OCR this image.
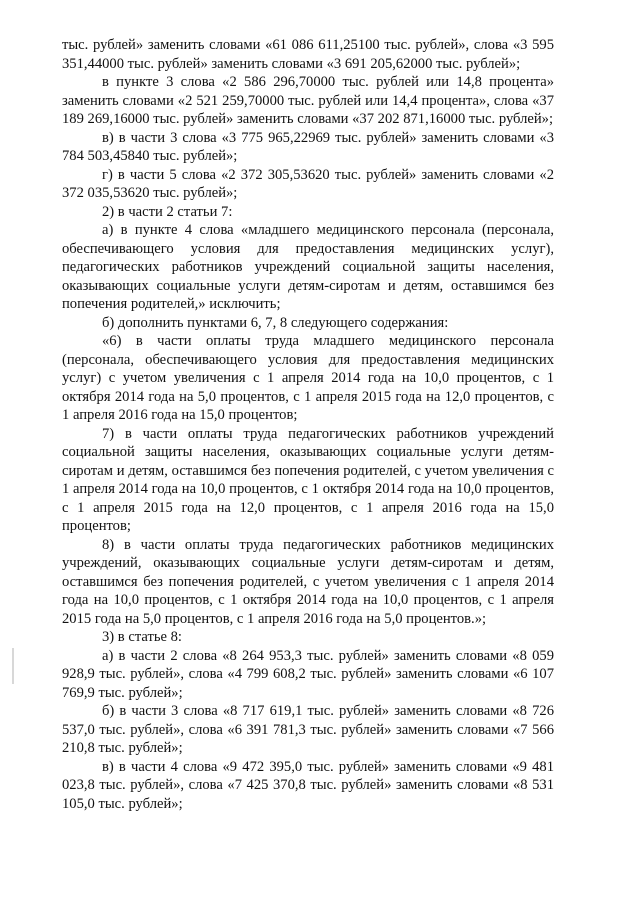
тыс. рублей» заменить словами «61 086 611,25100 тыс. рублей», слова «3 595 351,44000 тыс. рублей» заменить словами «3 691 205,62000 тыс. рублей»;

в пункте 3 слова «2 586 296,70000 тыс. рублей или 14,8 процента» заменить словами «2 521 259,70000 тыс. рублей или 14,4 процента», слова «37 189 269,16000 тыс. рублей» заменить словами «37 202 871,16000 тыс. рублей»;

в) в части 3 слова «3 775 965,22969 тыс. рублей» заменить словами «3 784 503,45840 тыс. рублей»;

г) в части 5 слова «2 372 305,53620 тыс. рублей» заменить словами «2 372 035,53620 тыс. рублей»;

2) в части 2 статьи 7:

а) в пункте 4 слова «младшего медицинского персонала (персонала, обеспечивающего условия для предоставления медицинских услуг), педагогических работников учреждений социальной защиты населения, оказывающих социальные услуги детям-сиротам и детям, оставшимся без попечения родителей,» исключить;

б) дополнить пунктами 6, 7, 8 следующего содержания:

«6) в части оплаты труда младшего медицинского персонала (персонала, обеспечивающего условия для предоставления медицинских услуг) с учетом увеличения с 1 апреля 2014 года на 10,0 процентов, с 1 октября 2014 года на 5,0 процентов, с 1 апреля 2015 года на 12,0 процентов, с 1 апреля 2016 года на 15,0 процентов;

7) в части оплаты труда педагогических работников учреждений социальной защиты населения, оказывающих социальные услуги детям-сиротам и детям, оставшимся без попечения родителей, с учетом увеличения с 1 апреля 2014 года на 10,0 процентов, с 1 октября 2014 года на 10,0 процентов, с 1 апреля 2015 года на 12,0 процентов, с 1 апреля 2016 года на 15,0 процентов;

8) в части оплаты труда педагогических работников медицинских учреждений, оказывающих социальные услуги детям-сиротам и детям, оставшимся без попечения родителей, с учетом увеличения с 1 апреля 2014 года на 10,0 процентов, с 1 октября 2014 года на 10,0 процентов, с 1 апреля 2015 года на 5,0 процентов, с 1 апреля 2016 года на 5,0 процентов.»;

3) в статье 8:

а) в части 2 слова «8 264 953,3 тыс. рублей» заменить словами «8 059 928,9 тыс. рублей», слова «4 799 608,2 тыс. рублей» заменить словами «6 107 769,9 тыс. рублей»;

б) в части 3 слова «8 717 619,1 тыс. рублей» заменить словами «8 726 537,0 тыс. рублей», слова «6 391 781,3 тыс. рублей» заменить словами «7 566 210,8 тыс. рублей»;

в) в части 4 слова «9 472 395,0 тыс. рублей» заменить словами «9 481 023,8 тыс. рублей», слова «7 425 370,8 тыс. рублей» заменить словами «8 531 105,0 тыс. рублей»;
